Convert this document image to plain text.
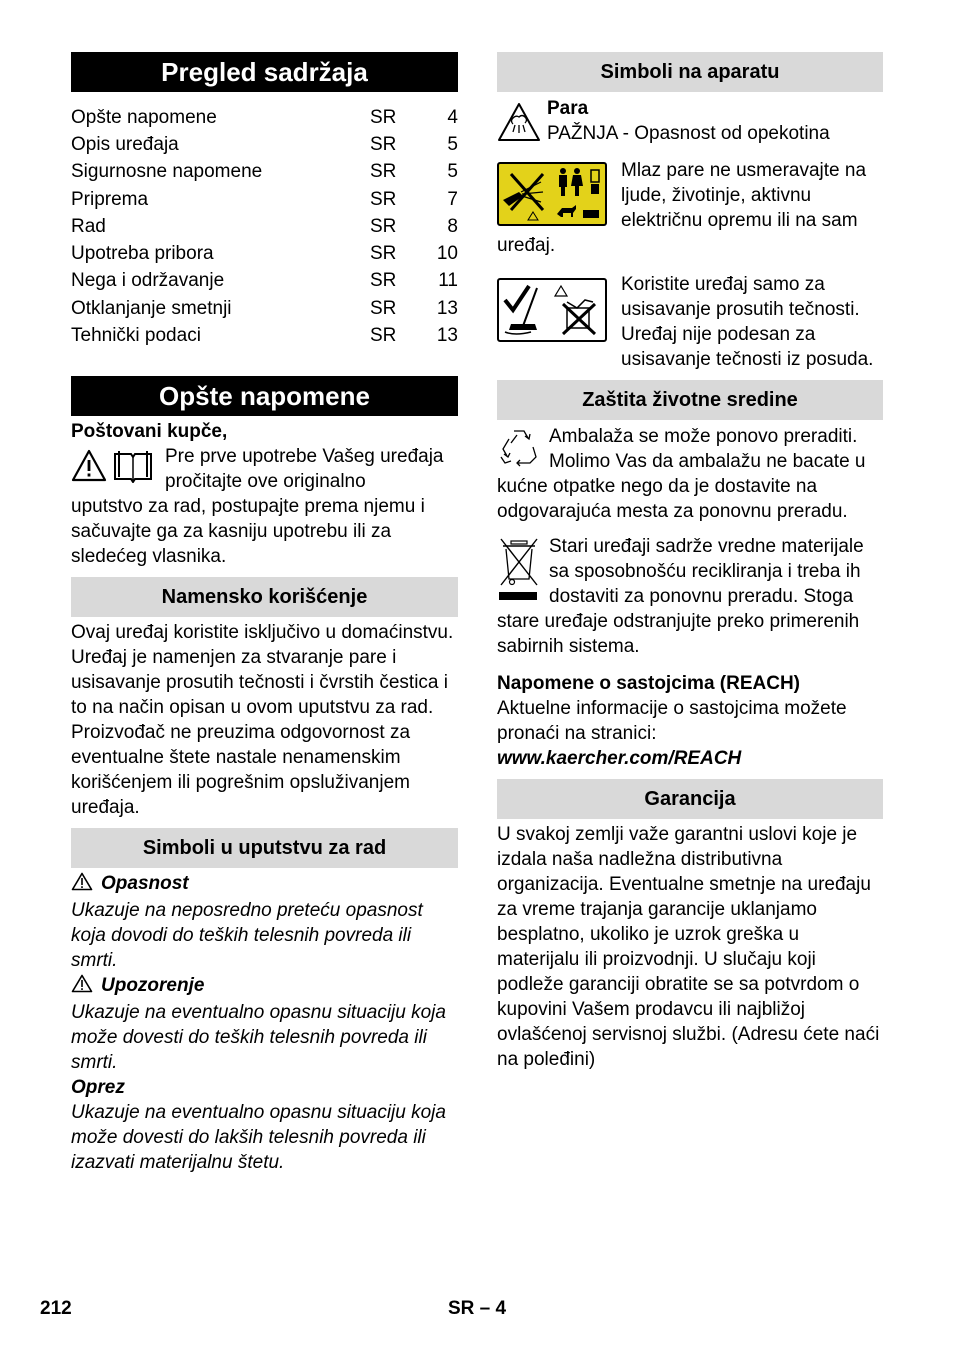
Pregled sadržaja
Opšte napomene	SR	4
Opis uređaja	SR	5
Sigurnosne napomene	SR	5
Priprema	SR	7
Rad	SR	8
Upotreba pribora	SR	10
Nega i održavanje	SR	11
Otklanjanje smetnji	SR	13
Tehnički podaci	SR	13
Opšte napomene

Poštovani kupče,

Pre prve upotrebe Vašeg uređaja pročitajte ove originalno

uputstvo za rad, postupajte prema njemu i sačuvajte ga za kasniju upotrebu ili za sledećeg vlasnika.

Namensko korišćenje

Ovaj uređaj koristite isključivo u domaćinstvu.

Uređaj je namenjen za stvaranje pare i usisavanje prosutih tečnosti i čvrstih čestica i to na način opisan u ovom uputstvu za rad.

Proizvođač ne preuzima odgovornost za eventualne štete nastale nenamenskim korišćenjem ili pogrešnim opsluživanjem uređaja.

Simboli u uputstvu za rad

Opasnost

Ukazuje na neposredno preteću opasnost koja dovodi do teških telesnih povreda ili smrti.

Upozorenje

Ukazuje na eventualno opasnu situaciju koja može dovesti do teških telesnih povreda ili smrti.

Oprez

Ukazuje na eventualno opasnu situaciju koja može dovesti do lakših telesnih povreda ili izazvati materijalnu štetu.

Simboli na aparatu

Para

PAŽNJA - Opasnost od opekotina

Mlaz pare ne usmeravajte na ljude, životinje, aktivnu električnu opremu ili na sam uređaj.

Koristite uređaj samo za usisavanje prosutih tečnosti. Uređaj nije podesan za usisavanje tečnosti iz posuda.

Zaštita životne sredine

Ambalaža se može ponovo preraditi. Molimo Vas da ambalažu ne bacate u kućne otpatke nego da je dostavite na odgovarajuća mesta za ponovnu preradu.

Stari uređaji sadrže vredne materijale sa sposobnošću recikliranja i treba ih dostaviti za ponovnu preradu. Stoga stare uređaje odstranjujte preko primerenih sabirnih sistema.

Napomene o sastojcima (REACH)

Aktuelne informacije o sastojcima možete pronaći na stranici:

www.kaercher.com/REACH

Garancija

U svakoj zemlji važe garantni uslovi koje je izdala naša nadležna distributivna organizacija. Eventualne smetnje na uređaju za vreme trajanja garancije uklanjamo besplatno, ukoliko je uzrok greška u materijalu ili proizvodnji. U slučaju koji podleže garanciji obratite se sa potvrdom o kupovini Vašem prodavcu ili najbližoj ovlašćenoj servisnoj službi. (Adresu ćete naći na poleđini)

212	SR – 4
